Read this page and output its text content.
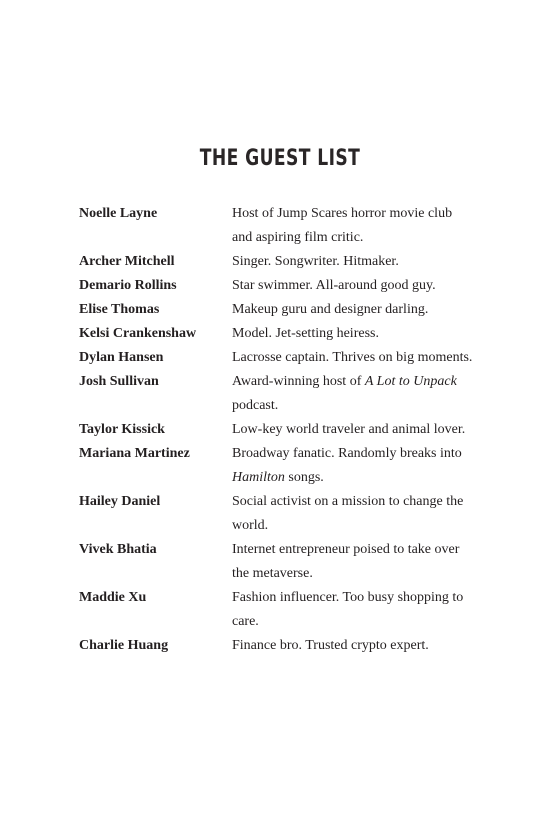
THE GUEST LIST
Noelle Layne	Host of Jump Scares horror movie club
and aspiring film critic.
Archer Mitchell	Singer. Songwriter. Hitmaker.
Demario Rollins	Star swimmer. All-around good guy.
Elise Thomas	Makeup guru and designer darling.
Kelsi Crankenshaw	Model. Jet-setting heiress.
Dylan Hansen	Lacrosse captain. Thrives on big moments.
Josh Sullivan	Award-winning host of A Lot to Unpack
podcast.
Taylor Kissick	Low-key world traveler and animal lover.
Mariana Martinez	Broadway fanatic. Randomly breaks into
Hamilton songs.
Hailey Daniel	Social activist on a mission to change the
world.
Vivek Bhatia	Internet entrepreneur poised to take over
the metaverse.
Maddie Xu	Fashion influencer. Too busy shopping to
care.
Charlie Huang	Finance bro. Trusted crypto expert.
